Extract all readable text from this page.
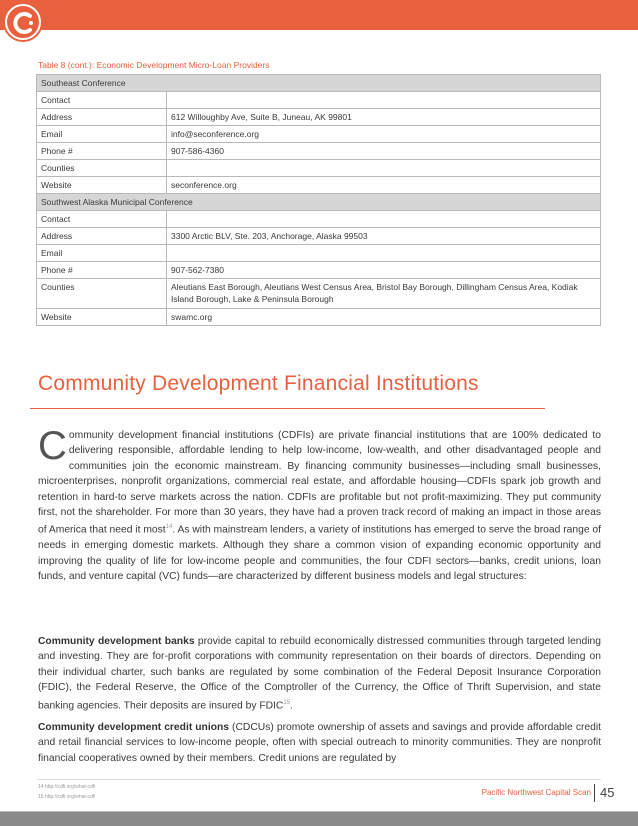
Table 8 (cont.): Economic Development Micro-Loan Providers
Southeast Conference	
Contact	
Address	612 Willoughby Ave, Suite B, Juneau, AK 99801
Email	info@seconference.org
Phone #	907-586-4360
Counties	
Website	seconference.org
Southwest Alaska Municipal Conference	
Contact	
Address	3300 Arctic BLV, Ste. 203, Anchorage, Alaska 99503
Email	
Phone #	907-562-7380
Counties	Aleutians East Borough, Aleutians West Census Area, Bristol Bay Borough, Dillingham Census Area, Kodiak Island Borough, Lake & Peninsula Borough
Website	swamc.org
Community Development Financial Institutions
Community development financial institutions (CDFIs) are private financial institutions that are 100% dedicated to delivering responsible, affordable lending to help low-income, low-wealth, and other disadvantaged people and communities join the economic mainstream. By financing community businesses—including small businesses, microenterprises, nonprofit organizations, commercial real estate, and affordable housing—CDFIs spark job growth and retention in hard-to serve markets across the nation. CDFIs are profitable but not profit-maximizing. They put community first, not the shareholder. For more than 30 years, they have had a proven track record of making an impact in those areas of America that need it most$^{14}$. As with mainstream lenders, a variety of institutions has emerged to serve the broad range of needs in emerging domestic markets. Although they share a common vision of expanding economic opportunity and improving the quality of life for low-income people and communities, the four CDFI sectors—banks, credit unions, loan funds, and venture capital (VC) funds—are characterized by different business models and legal structures:
Community development banks provide capital to rebuild economically distressed communities through targeted lending and investing. They are for-profit corporations with community representation on their boards of directors. Depending on their individual charter, such banks are regulated by some combination of the Federal Deposit Insurance Corporation (FDIC), the Federal Reserve, the Office of the Comptroller of the Currency, the Office of Thrift Supervision, and state banking agencies. Their deposits are insured by FDIC$^{15}$.
Community development credit unions (CDCUs) promote ownership of assets and savings and provide affordable credit and retail financial services to low-income people, often with special outreach to minority communities. They are nonprofit financial cooperatives owned by their members. Credit unions are regulated by
14 http://cdfi.org/what-cdfi
15 http://cdfi.org/what-cdfi	Pacific Northwest Capital Scan 45
